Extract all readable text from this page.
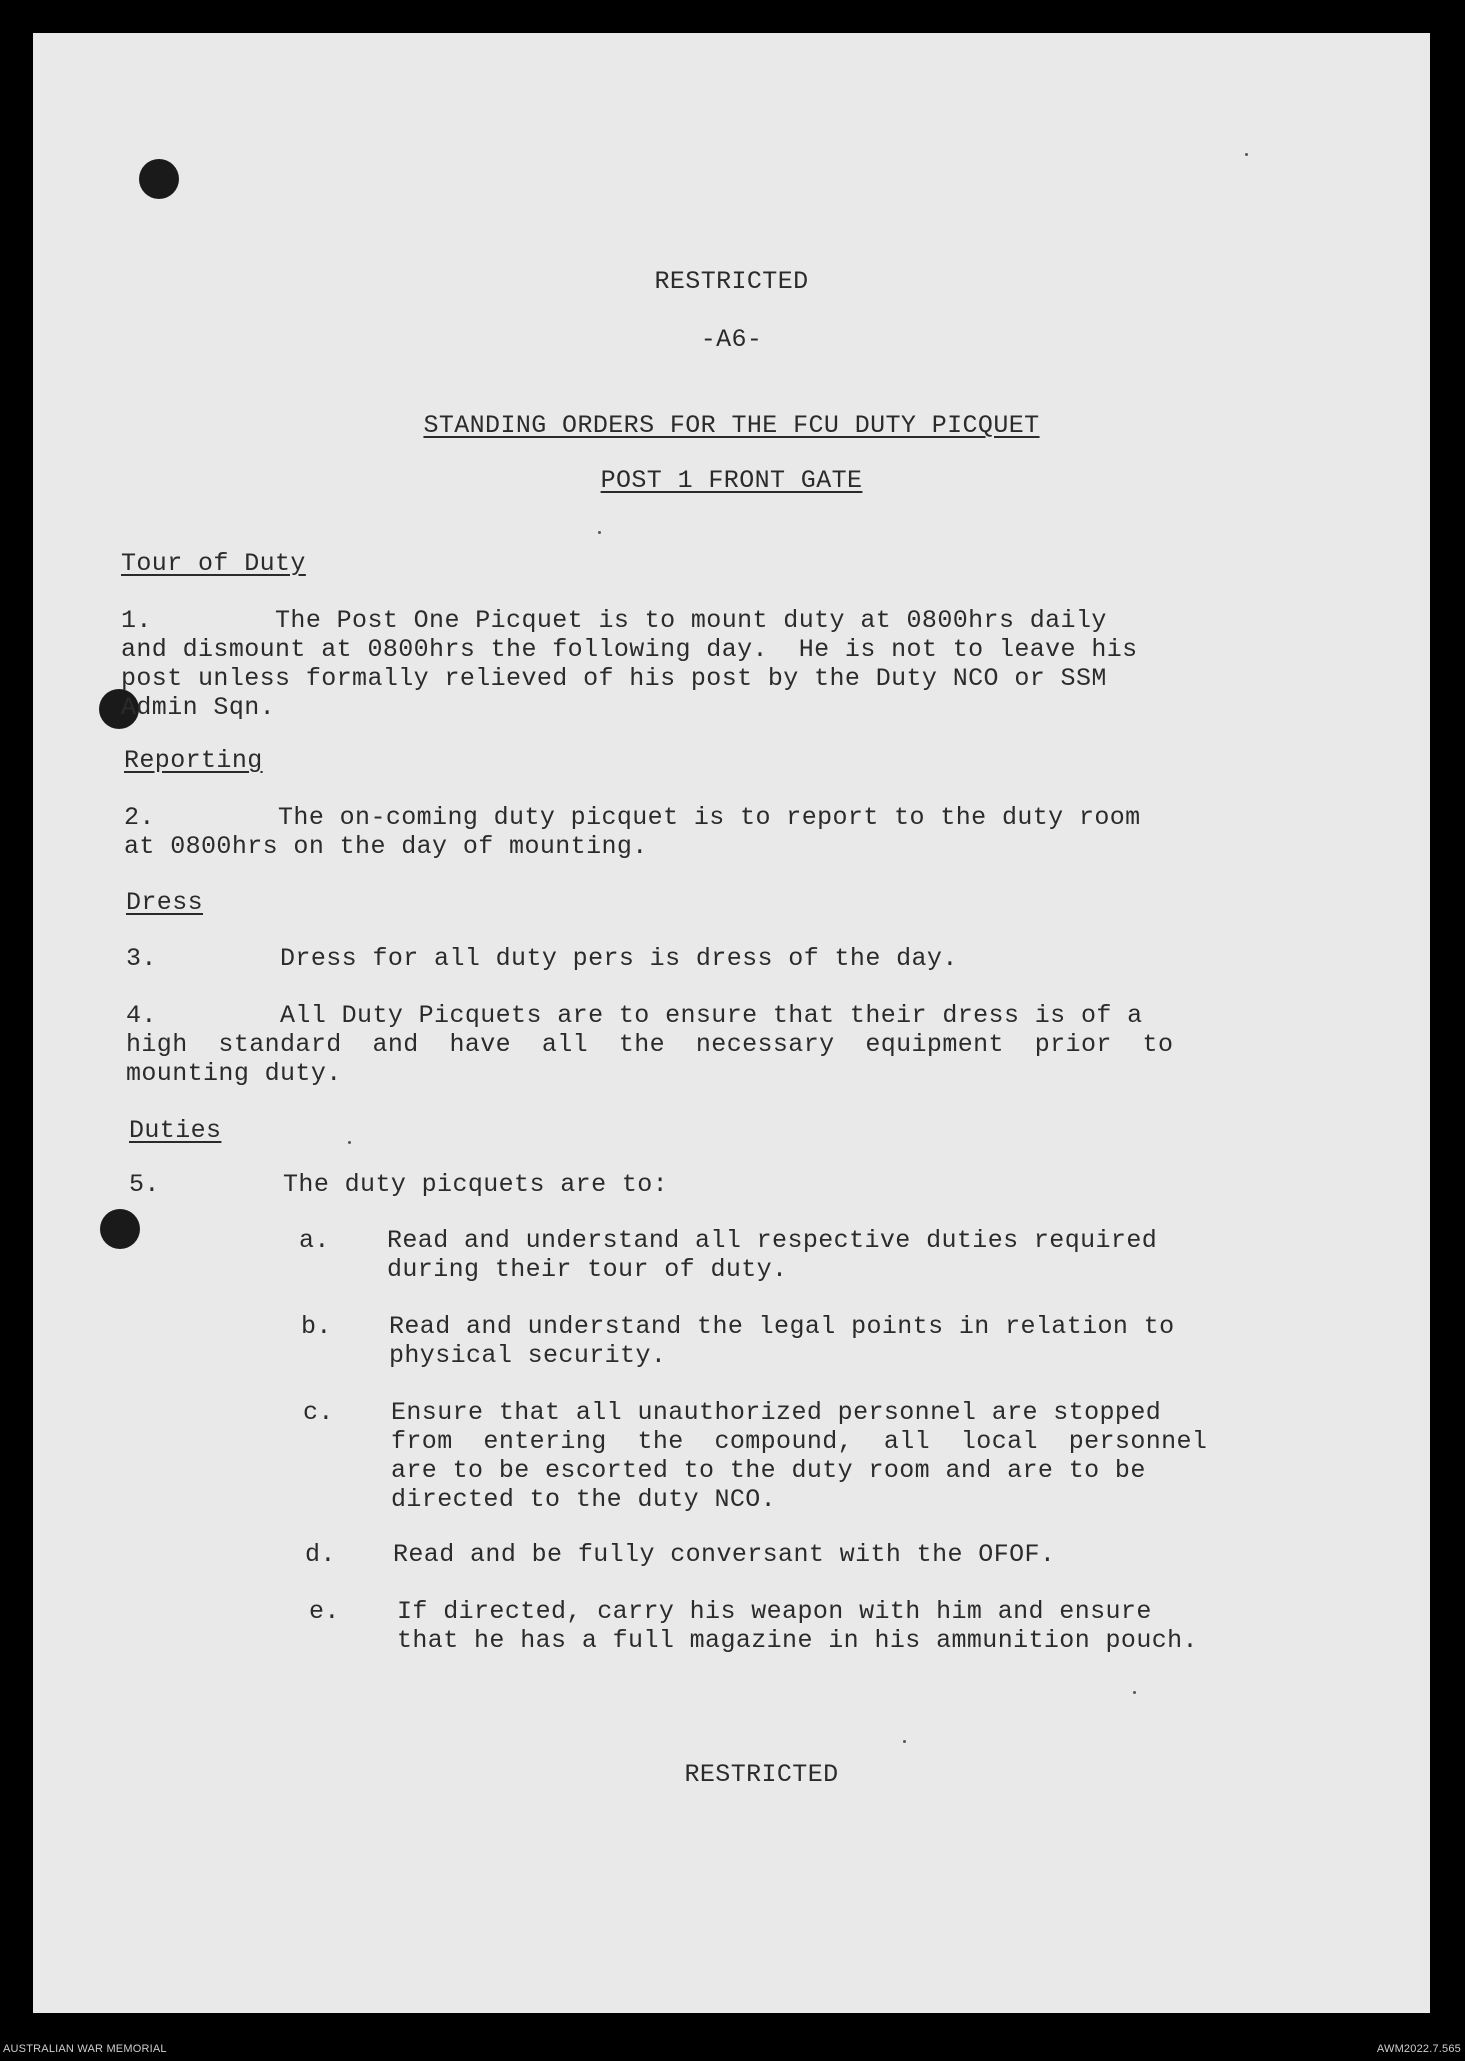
RESTRICTED

-A6-

STANDING ORDERS FOR THE FCU DUTY PICQUET

POST 1 FRONT GATE

Tour of Duty

1.        The Post One Picquet is to mount duty at 0800hrs daily

and dismount at 0800hrs the following day.  He is not to leave his

post unless formally relieved of his post by the Duty NCO or SSM

Admin Sqn.

Reporting

2.        The on-coming duty picquet is to report to the duty room

at 0800hrs on the day of mounting.

Dress

3.        Dress for all duty pers is dress of the day.

4.        All Duty Picquets are to ensure that their dress is of a

high  standard  and  have  all  the  necessary  equipment  prior  to

mounting duty.

Duties

5.        The duty picquets are to:

a. Read and understand all respective duties required

during their tour of duty.

b. Read and understand the legal points in relation to

physical security.

c. Ensure that all unauthorized personnel are stopped

from  entering  the  compound,  all  local  personnel

are to be escorted to the duty room and are to be

directed to the duty NCO.

d. Read and be fully conversant with the OFOF.

e. If directed, carry his weapon with him and ensure

that he has a full magazine in his ammunition pouch.

RESTRICTED

AUSTRALIAN WAR MEMORIAL	AWM2022.7.565
